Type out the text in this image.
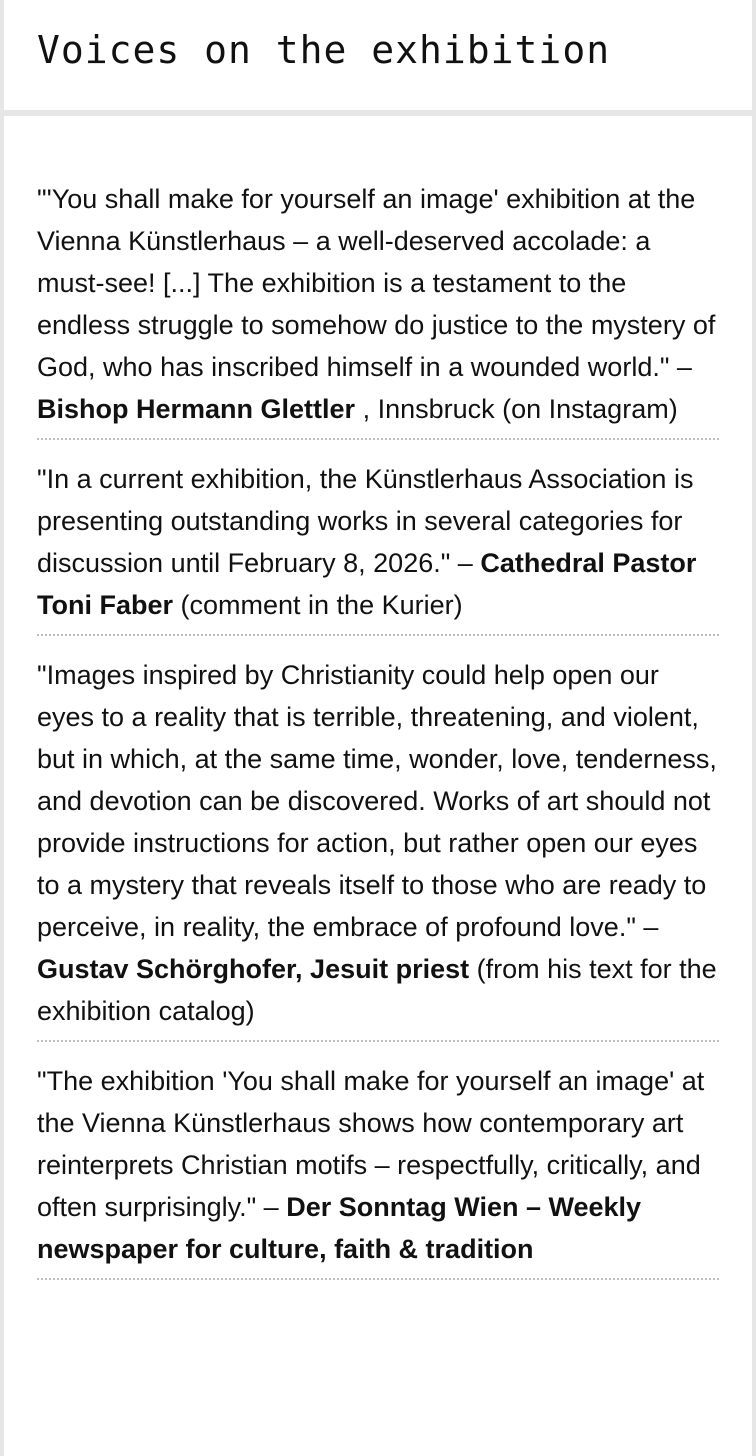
Voices on the exhibition
"'You shall make for yourself an image' exhibition at the Vienna Künstlerhaus – a well-deserved accolade: a must-see! [...] The exhibition is a testament to the endless struggle to somehow do justice to the mystery of God, who has inscribed himself in a wounded world." – Bishop Hermann Glettler , Innsbruck (on Instagram)
"In a current exhibition, the Künstlerhaus Association is presenting outstanding works in several categories for discussion until February 8, 2026." – Cathedral Pastor Toni Faber (comment in the Kurier)
"Images inspired by Christianity could help open our eyes to a reality that is terrible, threatening, and violent, but in which, at the same time, wonder, love, tenderness, and devotion can be discovered. Works of art should not provide instructions for action, but rather open our eyes to a mystery that reveals itself to those who are ready to perceive, in reality, the embrace of profound love." – Gustav Schörghofer, Jesuit priest (from his text for the exhibition catalog)
"The exhibition 'You shall make for yourself an image' at the Vienna Künstlerhaus shows how contemporary art reinterprets Christian motifs – respectfully, critically, and often surprisingly." – Der Sonntag Wien – Weekly newspaper for culture, faith & tradition
